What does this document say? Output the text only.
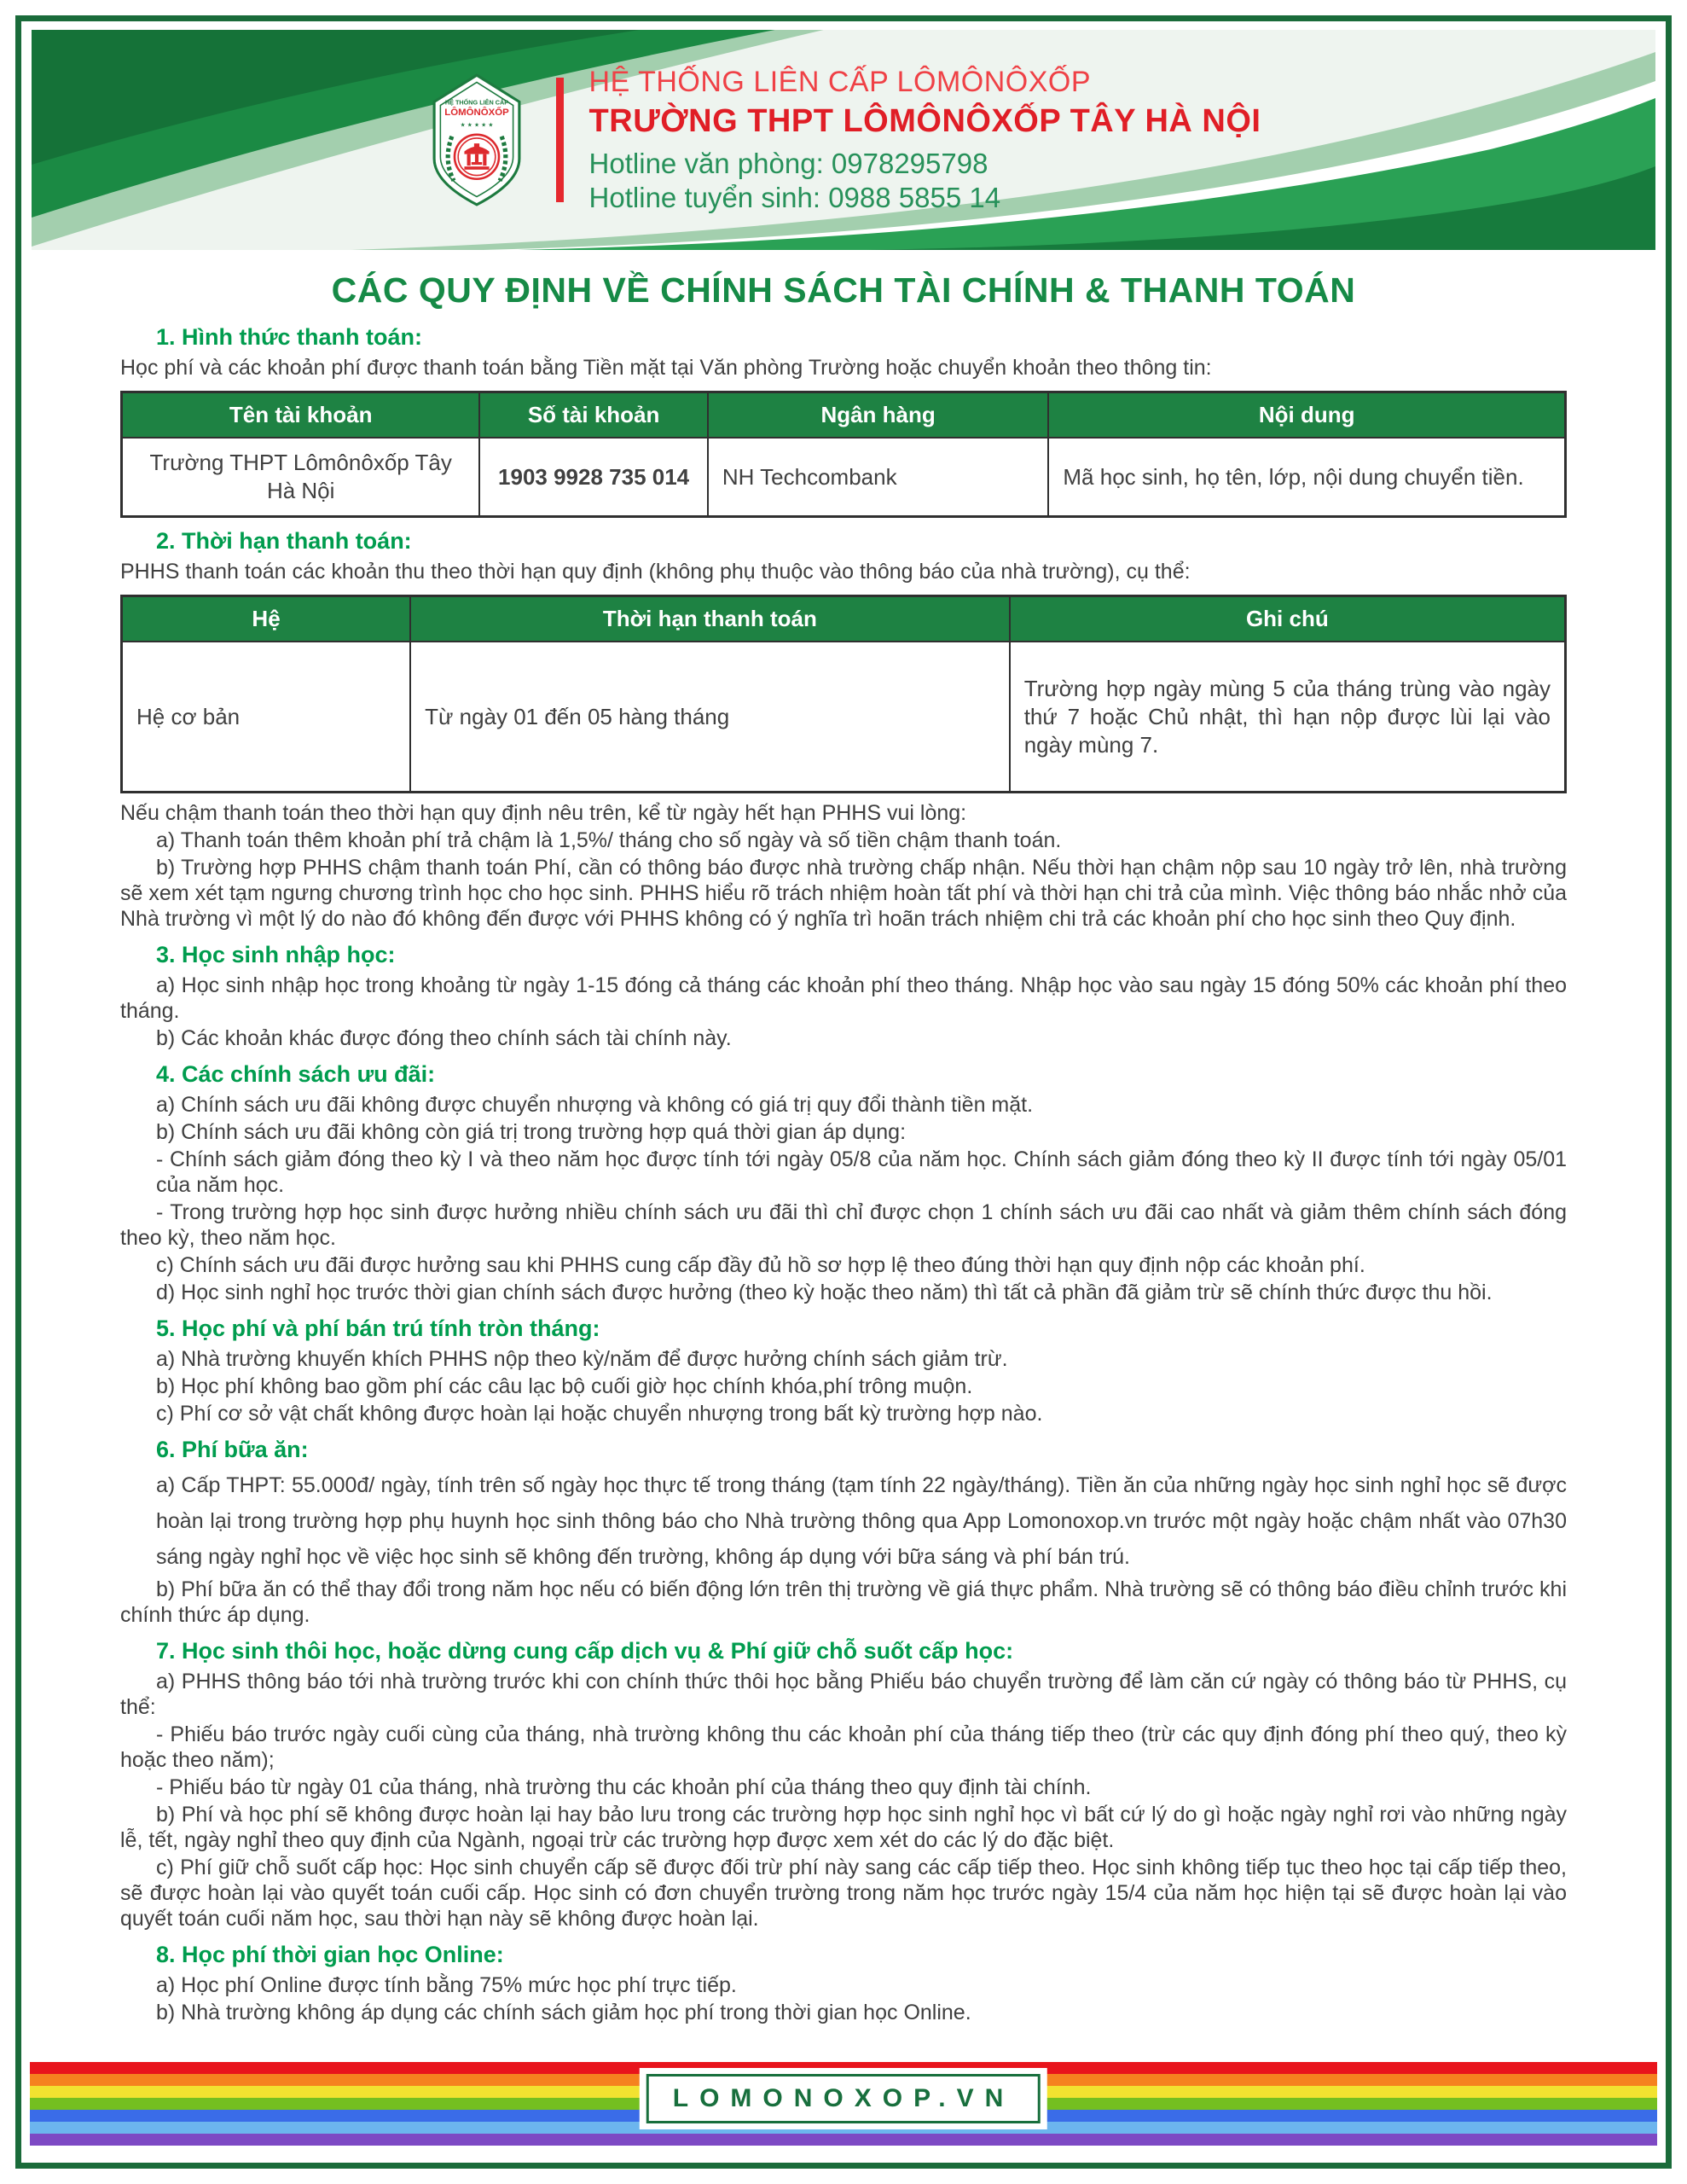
HỆ THỐNG LIÊN CẤP
LÔMÔNÔXỐP
★ ★ ★ ★ ★
HỆ THỐNG LIÊN CẤP LÔMÔNÔXỐP
TRƯỜNG THPT LÔMÔNÔXỐP TÂY HÀ NỘI
Hotline văn phòng: 0978295798
Hotline tuyển sinh: 0988 5855 14
CÁC QUY ĐỊNH VỀ CHÍNH SÁCH TÀI CHÍNH & THANH TOÁN
1. Hình thức thanh toán:

Học phí và các khoản phí được thanh toán bằng Tiền mặt tại Văn phòng Trường hoặc chuyển khoản theo thông tin:

Tên tài khoản	Số tài khoản	Ngân hàng	Nội dung
Trường THPT Lômônôxốp Tây Hà Nội	1903 9928 735 014	NH Techcombank	Mã học sinh, họ tên, lớp, nội dung chuyển tiền.
2. Thời hạn thanh toán:

PHHS thanh toán các khoản thu theo thời hạn quy định (không phụ thuộc vào thông báo của nhà trường), cụ thể:

Hệ	Thời hạn thanh toán	Ghi chú
Hệ cơ bản	Từ ngày 01 đến 05 hàng tháng	Trường hợp ngày mùng 5 của tháng trùng vào ngày thứ 7 hoặc Chủ nhật, thì hạn nộp được lùi lại vào ngày mùng 7.

Nếu chậm thanh toán theo thời hạn quy định nêu trên, kể từ ngày hết hạn PHHS vui lòng:

a) Thanh toán thêm khoản phí trả chậm là 1,5%/ tháng cho số ngày và số tiền chậm thanh toán.

b) Trường hợp PHHS chậm thanh toán Phí, cần có thông báo được nhà trường chấp nhận. Nếu thời hạn chậm nộp sau 10 ngày trở lên, nhà trường sẽ xem xét tạm ngưng chương trình học cho học sinh. PHHS hiểu rõ trách nhiệm hoàn tất phí và thời hạn chi trả của mình. Việc thông báo nhắc nhở của Nhà trường vì một lý do nào đó không đến được với PHHS không có ý nghĩa trì hoãn trách nhiệm chi trả các khoản phí cho học sinh theo Quy định.

3. Học sinh nhập học:

a) Học sinh nhập học trong khoảng từ ngày 1-15 đóng cả tháng các khoản phí theo tháng. Nhập học vào sau ngày 15 đóng 50% các khoản phí theo tháng.

b) Các khoản khác được đóng theo chính sách tài chính này.

4. Các chính sách ưu đãi:

a) Chính sách ưu đãi không được chuyển nhượng và không có giá trị quy đổi thành tiền mặt.

b) Chính sách ưu đãi không còn giá trị trong trường hợp quá thời gian áp dụng:

- Chính sách giảm đóng theo kỳ I và theo năm học được tính tới ngày 05/8 của năm học. Chính sách giảm đóng theo kỳ II được tính tới ngày 05/01 của năm học.

- Trong trường hợp học sinh được hưởng nhiều chính sách ưu đãi thì chỉ được chọn 1 chính sách ưu đãi cao nhất và giảm thêm chính sách đóng theo kỳ, theo năm học.

c) Chính sách ưu đãi được hưởng sau khi PHHS cung cấp đầy đủ hồ sơ hợp lệ theo đúng thời hạn quy định nộp các khoản phí.

d) Học sinh nghỉ học trước thời gian chính sách được hưởng (theo kỳ hoặc theo năm) thì tất cả phần đã giảm trừ sẽ chính thức được thu hồi.

5. Học phí và phí bán trú tính tròn tháng:

a) Nhà trường khuyến khích PHHS nộp theo kỳ/năm để được hưởng chính sách giảm trừ.

b) Học phí không bao gồm phí các câu lạc bộ cuối giờ học chính khóa,phí trông muộn.

c) Phí cơ sở vật chất không được hoàn lại hoặc chuyển nhượng trong bất kỳ trường hợp nào.

6. Phí bữa ăn:

a) Cấp THPT: 55.000đ/ ngày, tính trên số ngày học thực tế trong tháng (tạm tính 22 ngày/tháng). Tiền ăn của những ngày học sinh nghỉ học sẽ được hoàn lại trong trường hợp phụ huynh học sinh thông báo cho Nhà trường thông qua App Lomonoxop.vn trước một ngày hoặc chậm nhất vào 07h30 sáng ngày nghỉ học về việc học sinh sẽ không đến trường, không áp dụng với bữa sáng và phí bán trú.

b) Phí bữa ăn có thể thay đổi trong năm học nếu có biến động lớn trên thị trường về giá thực phẩm. Nhà trường sẽ có thông báo điều chỉnh trước khi chính thức áp dụng.

7. Học sinh thôi học, hoặc dừng cung cấp dịch vụ & Phí giữ chỗ suốt cấp học:

a) PHHS thông báo tới nhà trường trước khi con chính thức thôi học bằng Phiếu báo chuyển trường để làm căn cứ ngày có thông báo từ PHHS, cụ thể:

- Phiếu báo trước ngày cuối cùng của tháng, nhà trường không thu các khoản phí của tháng tiếp theo (trừ các quy định đóng phí theo quý, theo kỳ hoặc theo năm);

- Phiếu báo từ ngày 01 của tháng, nhà trường thu các khoản phí của tháng theo quy định tài chính.

b) Phí và học phí sẽ không được hoàn lại hay bảo lưu trong các trường hợp học sinh nghỉ học vì bất cứ lý do gì hoặc ngày nghỉ rơi vào những ngày lễ, tết, ngày nghỉ theo quy định của Ngành, ngoại trừ các trường hợp được xem xét do các lý do đặc biệt.

c) Phí giữ chỗ suốt cấp học: Học sinh chuyển cấp sẽ được đối trừ phí này sang các cấp tiếp theo. Học sinh không tiếp tục theo học tại cấp tiếp theo, sẽ được hoàn lại vào quyết toán cuối cấp. Học sinh có đơn chuyển trường trong năm học trước ngày 15/4 của năm học hiện tại sẽ được hoàn lại vào quyết toán cuối năm học, sau thời hạn này sẽ không được hoàn lại.

8. Học phí thời gian học Online:

a) Học phí Online được tính bằng 75% mức học phí trực tiếp.

b) Nhà trường không áp dụng các chính sách giảm học phí trong thời gian học Online.

LOMONOXOP.VN
